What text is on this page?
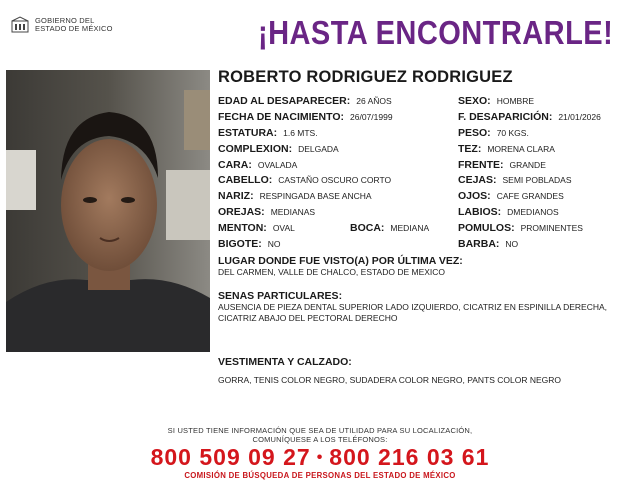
GOBIERNO DEL
ESTADO DE MÉXICO	¡HASTA ENCONTRARLE!
ROBERTO RODRIGUEZ RODRIGUEZ
EDAD AL DESAPARECER: 26 AÑOS
FECHA DE NACIMIENTO: 26/07/1999
ESTATURA: 1.6 MTS.
COMPLEXION: DELGADA
CARA: OVALADA
CABELLO: CASTAÑO OSCURO CORTO
NARIZ: RESPINGADA BASE ANCHA
OREJAS: MEDIANAS
MENTON: OVAL	BOCA: MEDIANA
BIGOTE: NO
SEXO: HOMBRE
F. DESAPARICIÓN: 21/01/2026
PESO: 70 KGS.
TEZ: MORENA CLARA
FRENTE: GRANDE
CEJAS: SEMI POBLADAS
OJOS: CAFE GRANDES
LABIOS: DMEDIANOS
POMULOS: PROMINENTES
BARBA: NO
LUGAR DONDE FUE VISTO(A) POR ÚLTIMA VEZ:
DEL CARMEN, VALLE DE CHALCO, ESTADO DE MEXICO
SENAS PARTICULARES:
AUSENCIA DE PIEZA DENTAL SUPERIOR LADO IZQUIERDO, CICATRIZ EN ESPINILLA DERECHA, CICATRIZ ABAJO DEL PECTORAL DERECHO
VESTIMENTA Y CALZADO:
GORRA, TENIS COLOR NEGRO, SUDADERA COLOR NEGRO, PANTS COLOR NEGRO
SI USTED TIENE INFORMACIÓN QUE SEA DE UTILIDAD PARA SU LOCALIZACIÓN,
COMUNÍQUESE A LOS TELÉFONOS:
800 509 09 27 • 800 216 03 61
COMISIÓN DE BÚSQUEDA DE PERSONAS DEL ESTADO DE MÉXICO
